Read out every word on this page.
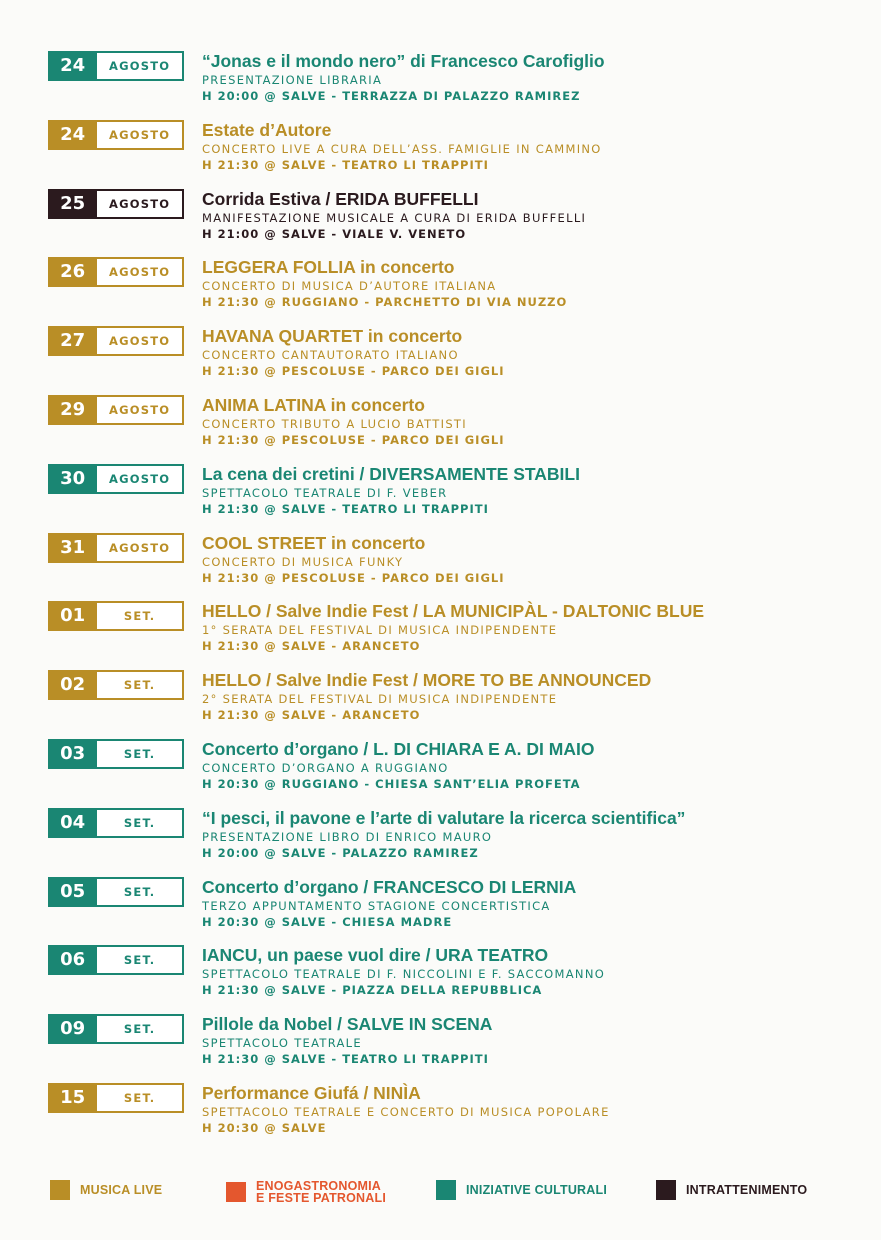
24	AGOSTO	“Jonas e il mondo nero” di Francesco Carofiglio
PRESENTAZIONE LIBRARIA
H 20:00 @ SALVE - TERRAZZA DI PALAZZO RAMIREZ
24	AGOSTO	Estate d’Autore
CONCERTO LIVE A CURA DELL’ASS. FAMIGLIE IN CAMMINO
H 21:30 @ SALVE - TEATRO LI TRAPPITI
25	AGOSTO	Corrida Estiva / ERIDA BUFFELLI
MANIFESTAZIONE MUSICALE A CURA DI ERIDA BUFFELLI
H 21:00 @ SALVE - VIALE V. VENETO
26	AGOSTO	LEGGERA FOLLIA in concerto
CONCERTO DI MUSICA D’AUTORE ITALIANA
H 21:30 @ RUGGIANO - PARCHETTO DI VIA NUZZO
27	AGOSTO	HAVANA QUARTET in concerto
CONCERTO CANTAUTORATO ITALIANO
H 21:30 @ PESCOLUSE - PARCO DEI GIGLI
29	AGOSTO	ANIMA LATINA in concerto
CONCERTO TRIBUTO A LUCIO BATTISTI
H 21:30 @ PESCOLUSE - PARCO DEI GIGLI
30	AGOSTO	La cena dei cretini / DIVERSAMENTE STABILI
SPETTACOLO TEATRALE DI F. VEBER
H 21:30 @ SALVE - TEATRO LI TRAPPITI
31	AGOSTO	COOL STREET in concerto
CONCERTO DI MUSICA FUNKY
H 21:30 @ PESCOLUSE - PARCO DEI GIGLI
01	SET.	HELLO / Salve Indie Fest / LA MUNICIPÀL - DALTONIC BLUE
1° SERATA DEL FESTIVAL DI MUSICA INDIPENDENTE
H 21:30 @ SALVE - ARANCETO
02	SET.	HELLO / Salve Indie Fest / MORE TO BE ANNOUNCED
2° SERATA DEL FESTIVAL DI MUSICA INDIPENDENTE
H 21:30 @ SALVE - ARANCETO
03	SET.	Concerto d’organo / L. DI CHIARA E A. DI MAIO
CONCERTO D’ORGANO A RUGGIANO
H 20:30 @ RUGGIANO - CHIESA SANT’ELIA PROFETA
04	SET.	“I pesci, il pavone e l’arte di valutare la ricerca scientifica”
PRESENTAZIONE LIBRO DI ENRICO MAURO
H 20:00 @ SALVE - PALAZZO RAMIREZ
05	SET.	Concerto d’organo / FRANCESCO DI LERNIA
TERZO APPUNTAMENTO STAGIONE CONCERTISTICA
H 20:30 @ SALVE - CHIESA MADRE
06	SET.	IANCU, un paese vuol dire / URA TEATRO
SPETTACOLO TEATRALE DI F. NICCOLINI E F. SACCOMANNO
H 21:30 @ SALVE - PIAZZA DELLA REPUBBLICA
09	SET.	Pillole da Nobel / SALVE IN SCENA
SPETTACOLO TEATRALE
H 21:30 @ SALVE - TEATRO LI TRAPPITI
15	SET.	Performance Giufá / NINÌA
SPETTACOLO TEATRALE E CONCERTO DI MUSICA POPOLARE
H 20:30 @ SALVE
MUSICA LIVE	ENOGASTRONOMIA
E FESTE PATRONALI
INIZIATIVE CULTURALI	INTRATTENIMENTO
